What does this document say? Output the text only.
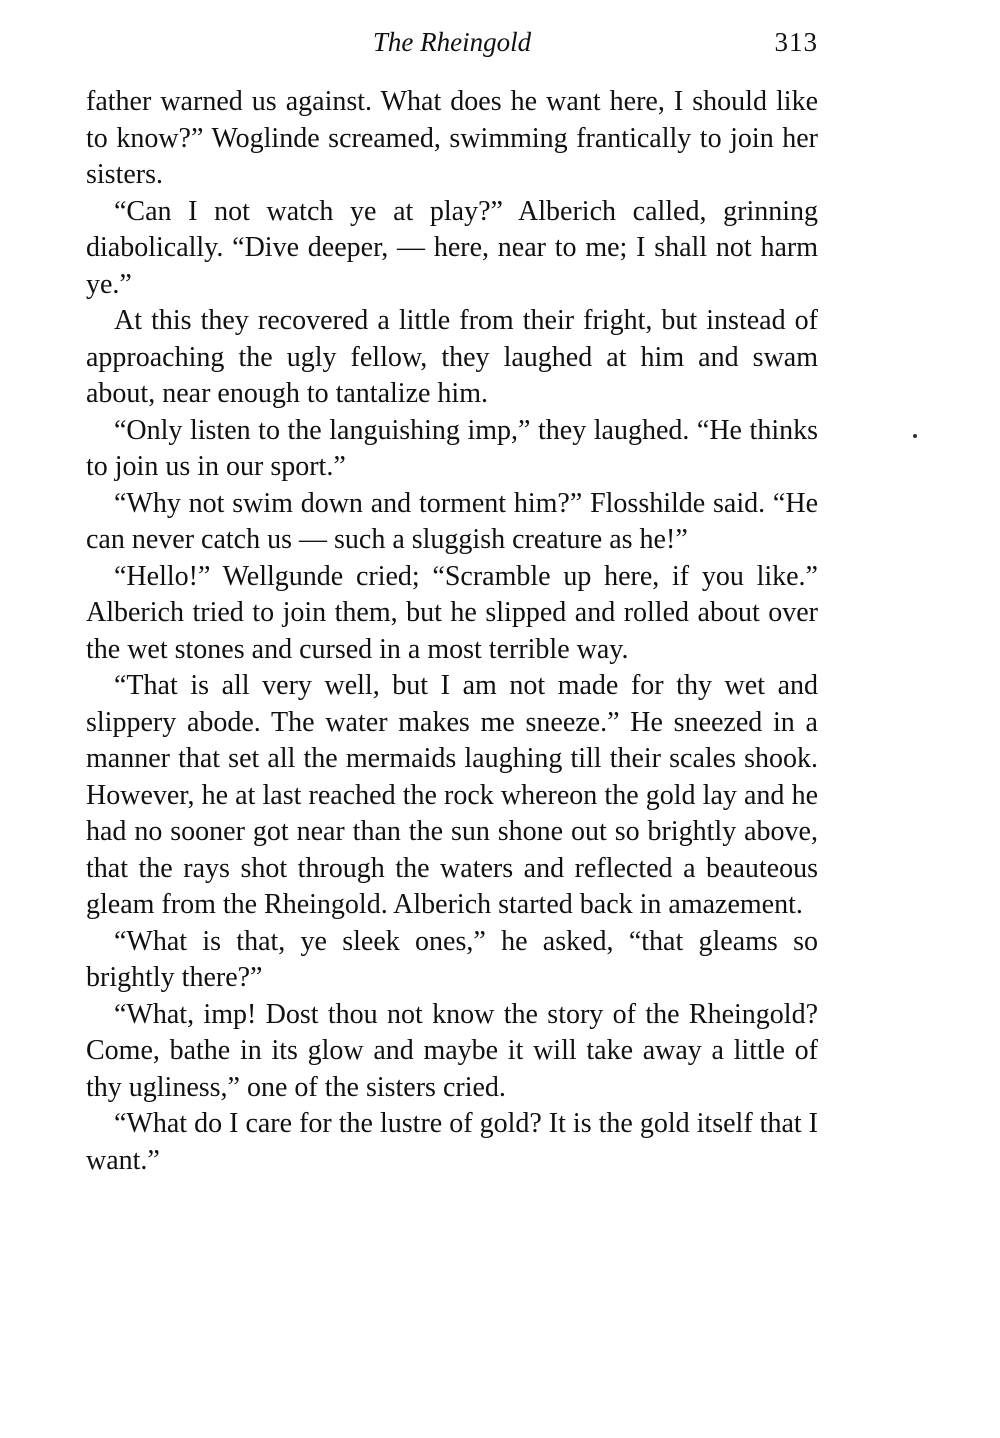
The Rheingold	313

father warned us against. What does he want here, I should like to know?” Woglinde screamed, swimming frantically to join her sisters.

“Can I not watch ye at play?” Alberich called, grinning diabolically. “Dive deeper, — here, near to me; I shall not harm ye.”

At this they recovered a little from their fright, but instead of approaching the ugly fellow, they laughed at him and swam about, near enough to tantalize him.

“Only listen to the languishing imp,” they laughed. “He thinks to join us in our sport.”

“Why not swim down and torment him?” Flosshilde said. “He can never catch us — such a sluggish creature as he!”

“Hello!” Wellgunde cried; “Scramble up here, if you like.” Alberich tried to join them, but he slipped and rolled about over the wet stones and cursed in a most terrible way.

“That is all very well, but I am not made for thy wet and slippery abode. The water makes me sneeze.” He sneezed in a manner that set all the mermaids laughing till their scales shook. However, he at last reached the rock whereon the gold lay and he had no sooner got near than the sun shone out so brightly above, that the rays shot through the waters and reflected a beauteous gleam from the Rheingold. Alberich started back in amazement.

“What is that, ye sleek ones,” he asked, “that gleams so brightly there?”

“What, imp! Dost thou not know the story of the Rheingold? Come, bathe in its glow and maybe it will take away a little of thy ugliness,” one of the sisters cried.

“What do I care for the lustre of gold? It is the gold itself that I want.”
